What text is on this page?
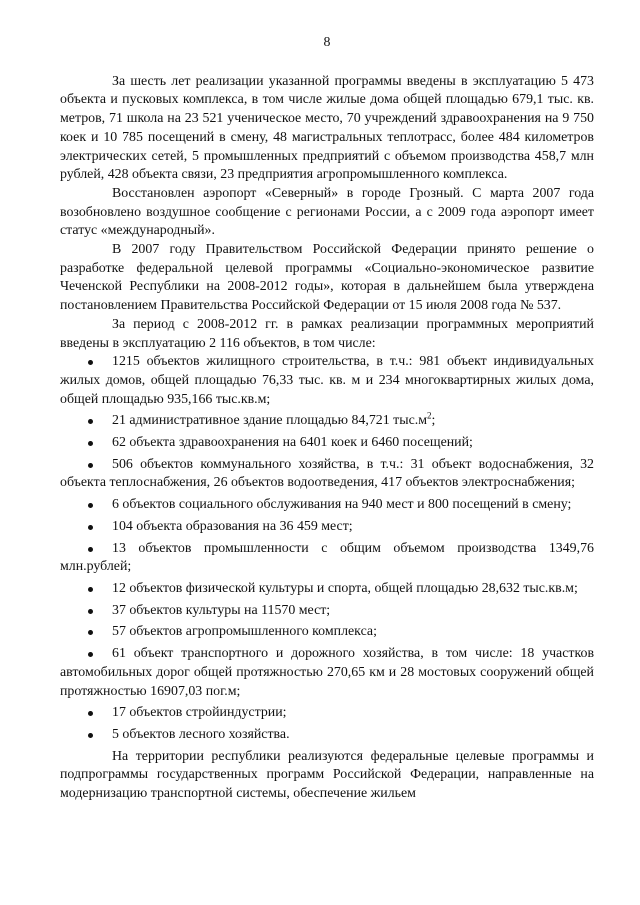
8

За шесть лет реализации указанной программы введены в эксплуатацию 5 473 объекта и пусковых комплекса, в том числе жилые дома общей площадью 679,1 тыс. кв. метров, 71 школа на 23 521 ученическое место, 70 учреждений здравоохранения на 9 750 коек и 10 785 посещений в смену, 48 магистральных теплотрасс, более 484 километров электрических сетей, 5 промышленных предприятий с объемом производства 458,7 млн рублей, 428 объекта связи, 23 предприятия агропромышленного комплекса.

Восстановлен аэропорт «Северный» в городе Грозный. С марта 2007 года возобновлено воздушное сообщение с регионами России, а с 2009 года аэропорт имеет статус «международный».

В 2007 году Правительством Российской Федерации принято решение о разработке федеральной целевой программы «Социально-экономическое развитие Чеченской Республики на 2008-2012 годы», которая в дальнейшем была утверждена постановлением Правительства Российской Федерации от 15 июля 2008 года № 537.

За период с 2008-2012 гг. в рамках реализации программных мероприятий введены в эксплуатацию 2 116 объектов, в том числе:

1215 объектов жилищного строительства, в т.ч.: 981 объект индивидуальных жилых домов, общей площадью 76,33 тыс. кв. м и 234 многоквартирных жилых дома, общей площадью 935,166 тыс.кв.м;
21 административное здание площадью 84,721 $тыс.м^2$;
62 объекта здравоохранения на 6401 коек и 6460 посещений;
506 объектов коммунального хозяйства, в т.ч.: 31 объект водоснабжения, 32 объекта теплоснабжения, 26 объектов водоотведения, 417 объектов электроснабжения;
6 объектов социального обслуживания на 940 мест и 800 посещений в смену;
104 объекта образования на 36 459 мест;
13 объектов промышленности с общим объемом производства 1349,76 млн.рублей;
12 объектов физической культуры и спорта, общей площадью 28,632 тыс.кв.м;
37 объектов культуры на 11570 мест;
57 объектов агропромышленного комплекса;
61 объект транспортного и дорожного хозяйства, в том числе: 18 участков автомобильных дорог общей протяжностью 270,65 км и 28 мостовых сооружений общей протяжностью 16907,03 пог.м;
17 объектов стройиндустрии;
5 объектов лесного хозяйства.

На территории республики реализуются федеральные целевые программы и подпрограммы государственных программ Российской Федерации, направленные на модернизацию транспортной системы, обеспечение жильем
